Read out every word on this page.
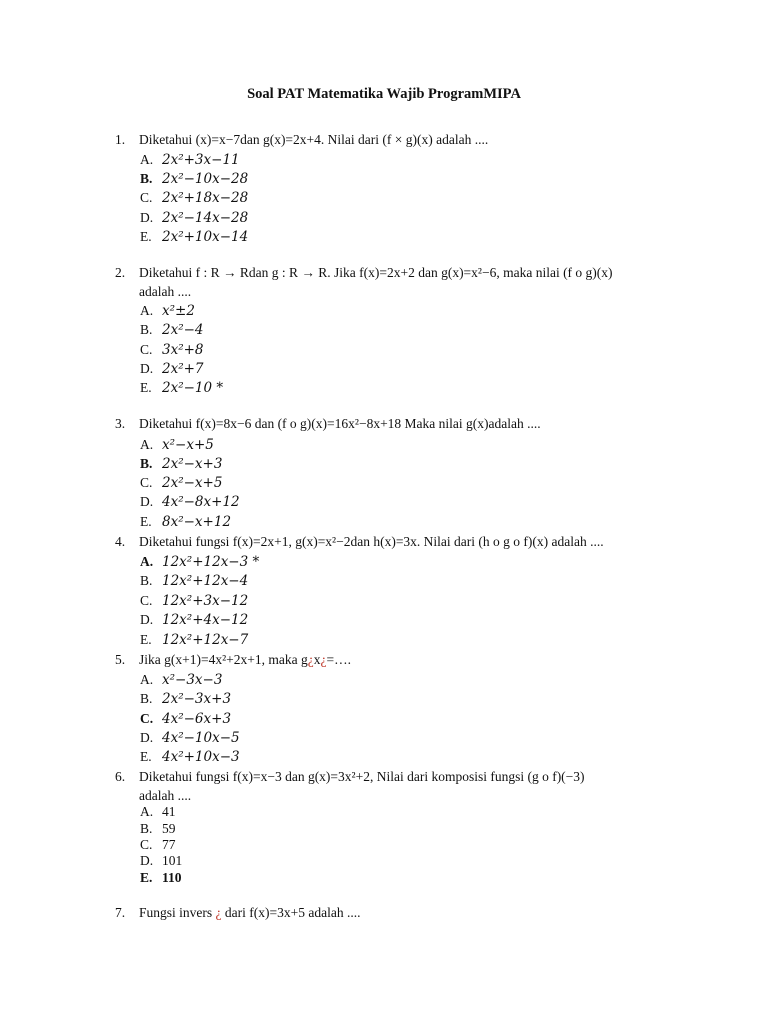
Soal PAT Matematika Wajib ProgramMIPA
1. Diketahui (x)=x−7dan g(x)=2x+4. Nilai dari (f × g)(x) adalah ....
A. 2x²+3x−11
B. 2x²−10x−28
C. 2x²+18x−28
D. 2x²−14x−28
E. 2x²+10x−14
2. Diketahui f : R → Rdan g : R → R. Jika f(x)=2x+2 dan g(x)=x²−6, maka nilai (f o g)(x)
adalah ....
A. x²±2
B. 2x²−4
C. 3x²+8
D. 2x²+7
E. 2x²−10 *
3. Diketahui f(x)=8x−6 dan (f o g)(x)=16x²−8x+18 Maka nilai g(x)adalah ....
A. x²−x+5
B. 2x²−x+3
C. 2x²−x+5
D. 4x²−8x+12
E. 8x²−x+12
4. Diketahui fungsi f(x)=2x+1, g(x)=x²−2dan h(x)=3x. Nilai dari (h o g o f)(x) adalah ....
A. 12x²+12x−3 *
B. 12x²+12x−4
C. 12x²+3x−12
D. 12x²+4x−12
E. 12x²+12x−7
5. Jika g(x+1)=4x²+2x+1, maka g¿x¿=….
A. x²−3x−3
B. 2x²−3x+3
C. 4x²−6x+3
D. 4x²−10x−5
E. 4x²+10x−3
6. Diketahui fungsi f(x)=x−3 dan g(x)=3x²+2, Nilai dari komposisi fungsi (g o f)(−3)
adalah ....
A. 41
B. 59
C. 77
D. 101
E. 110
7. Fungsi invers ¿ dari f(x)=3x+5 adalah ....
